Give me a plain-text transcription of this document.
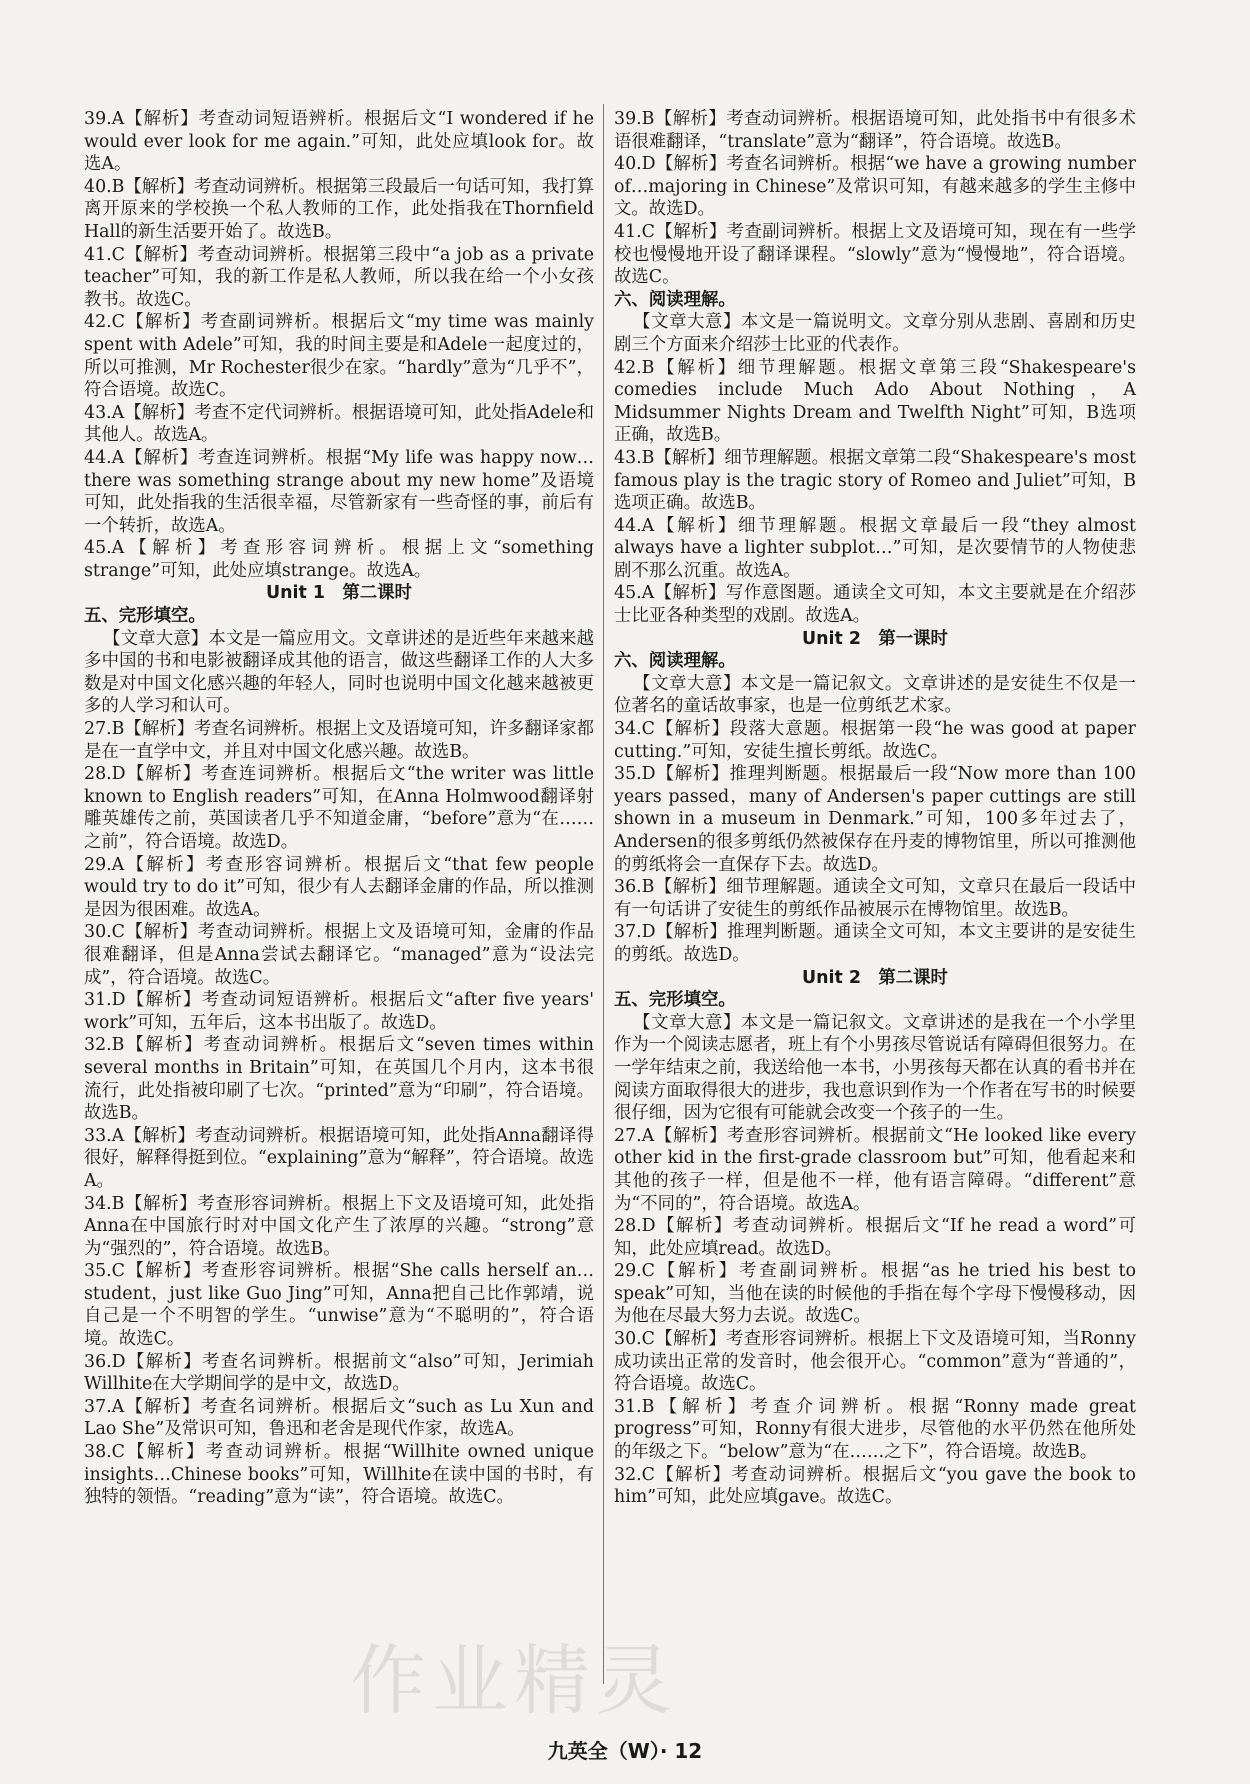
39.A【解析】考查动词短语辨析。根据后文“I wondered if he would ever look for me again.”可知，此处应填look for。故选A。

40.B【解析】考查动词辨析。根据第三段最后一句话可知，我打算离开原来的学校换一个私人教师的工作，此处指我在Thornfield Hall的新生活要开始了。故选B。

41.C【解析】考查动词辨析。根据第三段中“a job as a private teacher”可知，我的新工作是私人教师，所以我在给一个小女孩教书。故选C。

42.C【解析】考查副词辨析。根据后文“my time was mainly spent with Adele”可知，我的时间主要是和Adele一起度过的，所以可推测，Mr Rochester很少在家。“hardly”意为“几乎不”，符合语境。故选C。

43.A【解析】考查不定代词辨析。根据语境可知，此处指Adele和其他人。故选A。

44.A【解析】考查连词辨析。根据“My life was happy now…there was something strange about my new home”及语境可知，此处指我的生活很幸福，尽管新家有一些奇怪的事，前后有一个转折，故选A。

45.A【解析】考查形容词辨析。根据上文“something strange”可知，此处应填strange。故选A。

Unit 1　第二课时

五、完形填空。

【文章大意】本文是一篇应用文。文章讲述的是近些年来越来越多中国的书和电影被翻译成其他的语言，做这些翻译工作的人大多数是对中国文化感兴趣的年轻人，同时也说明中国文化越来越被更多的人学习和认可。

27.B【解析】考查名词辨析。根据上文及语境可知，许多翻译家都是在一直学中文，并且对中国文化感兴趣。故选B。

28.D【解析】考查连词辨析。根据后文“the writer was little known to English readers”可知，在Anna Holmwood翻译射雕英雄传之前，英国读者几乎不知道金庸，“before”意为“在……之前”，符合语境。故选D。

29.A【解析】考查形容词辨析。根据后文“that few people would try to do it”可知，很少有人去翻译金庸的作品，所以推测是因为很困难。故选A。

30.C【解析】考查动词辨析。根据上文及语境可知，金庸的作品很难翻译，但是Anna尝试去翻译它。“managed”意为“设法完成”，符合语境。故选C。

31.D【解析】考查动词短语辨析。根据后文“after five years' work”可知，五年后，这本书出版了。故选D。

32.B【解析】考查动词辨析。根据后文“seven times within several months in Britain”可知，在英国几个月内，这本书很流行，此处指被印刷了七次。“printed”意为“印刷”，符合语境。故选B。

33.A【解析】考查动词辨析。根据语境可知，此处指Anna翻译得很好，解释得挺到位。“explaining”意为“解释”，符合语境。故选A。

34.B【解析】考查形容词辨析。根据上下文及语境可知，此处指Anna在中国旅行时对中国文化产生了浓厚的兴趣。“strong”意为“强烈的”，符合语境。故选B。

35.C【解析】考查形容词辨析。根据“She calls herself an…student，just like Guo Jing”可知，Anna把自己比作郭靖，说自己是一个不明智的学生。“unwise”意为“不聪明的”，符合语境。故选C。

36.D【解析】考查名词辨析。根据前文“also”可知，Jerimiah Willhite在大学期间学的是中文，故选D。

37.A【解析】考查名词辨析。根据后文“such as Lu Xun and Lao She”及常识可知，鲁迅和老舍是现代作家，故选A。

38.C【解析】考查动词辨析。根据“Willhite owned unique insights…Chinese books”可知，Willhite在读中国的书时，有独特的领悟。“reading”意为“读”，符合语境。故选C。

39.B【解析】考查动词辨析。根据语境可知，此处指书中有很多术语很难翻译，“translate”意为“翻译”，符合语境。故选B。

40.D【解析】考查名词辨析。根据“we have a growing number of…majoring in Chinese”及常识可知，有越来越多的学生主修中文。故选D。

41.C【解析】考查副词辨析。根据上文及语境可知，现在有一些学校也慢慢地开设了翻译课程。“slowly”意为“慢慢地”，符合语境。故选C。

六、阅读理解。

【文章大意】本文是一篇说明文。文章分别从悲剧、喜剧和历史剧三个方面来介绍莎士比亚的代表作。

42.B【解析】细节理解题。根据文章第三段“Shakespeare's comedies include Much Ado About Nothing，A Midsummer Nights Dream and Twelfth Night”可知，B选项正确，故选B。

43.B【解析】细节理解题。根据文章第二段“Shakespeare's most famous play is the tragic story of Romeo and Juliet”可知，B选项正确。故选B。

44.A【解析】细节理解题。根据文章最后一段“they almost always have a lighter subplot…”可知，是次要情节的人物使悲剧不那么沉重。故选A。

45.A【解析】写作意图题。通读全文可知，本文主要就是在介绍莎士比亚各种类型的戏剧。故选A。

Unit 2　第一课时

六、阅读理解。

【文章大意】本文是一篇记叙文。文章讲述的是安徒生不仅是一位著名的童话故事家，也是一位剪纸艺术家。

34.C【解析】段落大意题。根据第一段“he was good at paper cutting.”可知，安徒生擅长剪纸。故选C。

35.D【解析】推理判断题。根据最后一段“Now more than 100 years passed，many of Andersen's paper cuttings are still shown in a museum in Denmark.”可知，100多年过去了，Andersen的很多剪纸仍然被保存在丹麦的博物馆里，所以可推测他的剪纸将会一直保存下去。故选D。

36.B【解析】细节理解题。通读全文可知，文章只在最后一段话中有一句话讲了安徒生的剪纸作品被展示在博物馆里。故选B。

37.D【解析】推理判断题。通读全文可知，本文主要讲的是安徒生的剪纸。故选D。

Unit 2　第二课时

五、完形填空。

【文章大意】本文是一篇记叙文。文章讲述的是我在一个小学里作为一个阅读志愿者，班上有个小男孩尽管说话有障碍但很努力。在一学年结束之前，我送给他一本书，小男孩每天都在认真的看书并在阅读方面取得很大的进步，我也意识到作为一个作者在写书的时候要很仔细，因为它很有可能就会改变一个孩子的一生。

27.A【解析】考查形容词辨析。根据前文“He looked like every other kid in the first-grade classroom but”可知，他看起来和其他的孩子一样，但是他不一样，他有语言障碍。“different”意为“不同的”，符合语境。故选A。

28.D【解析】考查动词辨析。根据后文“If he read a word”可知，此处应填read。故选D。

29.C【解析】考查副词辨析。根据“as he tried his best to speak”可知，当他在读的时候他的手指在每个字母下慢慢移动，因为他在尽最大努力去说。故选C。

30.C【解析】考查形容词辨析。根据上下文及语境可知，当Ronny成功读出正常的发音时，他会很开心。“common”意为“普通的”，符合语境。故选C。

31.B【解析】考查介词辨析。根据“Ronny made great progress”可知，Ronny有很大进步，尽管他的水平仍然在他所处的年级之下。“below”意为“在……之下”，符合语境。故选B。

32.C【解析】考查动词辨析。根据后文“you gave the book to him”可知，此处应填gave。故选C。

作业精灵
九英全（W）· 12
